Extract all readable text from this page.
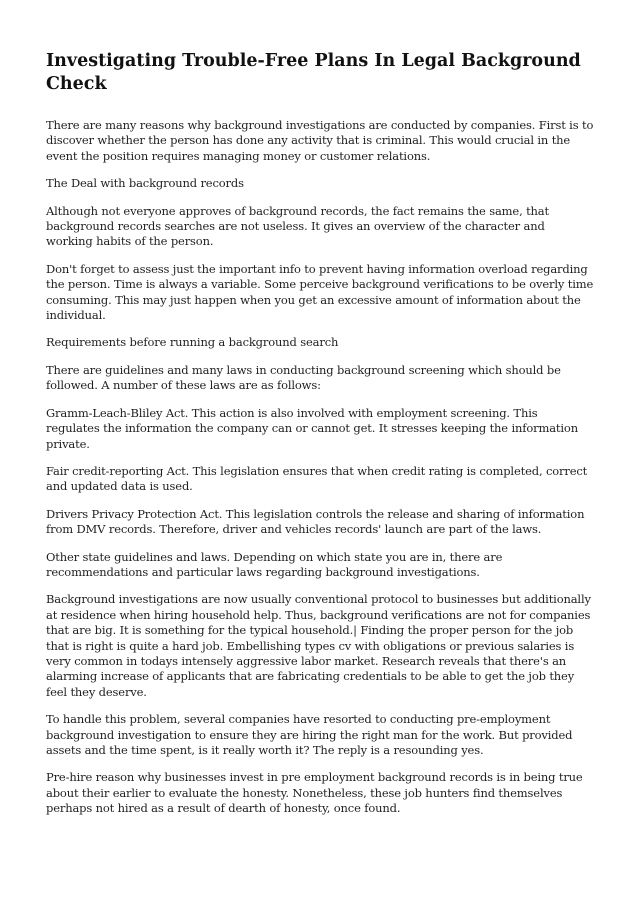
Investigating Trouble-Free Plans In Legal Background Check

There are many reasons why background investigations are conducted by companies. First is to discover whether the person has done any activity that is criminal. This would crucial in the event the position requires managing money or customer relations.

The Deal with background records

Although not everyone approves of background records, the fact remains the same, that background records searches are not useless. It gives an overview of the character and working habits of the person.

Don't forget to assess just the important info to prevent having information overload regarding the person. Time is always a variable. Some perceive background verifications to be overly time consuming. This may just happen when you get an excessive amount of information about the individual.

Requirements before running a background search

There are guidelines and many laws in conducting background screening which should be followed. A number of these laws are as follows:

Gramm-Leach-Bliley Act. This action is also involved with employment screening. This regulates the information the company can or cannot get. It stresses keeping the information private.

Fair credit-reporting Act. This legislation ensures that when credit rating is completed, correct and updated data is used.

Drivers Privacy Protection Act. This legislation controls the release and sharing of information from DMV records. Therefore, driver and vehicles records' launch are part of the laws.

Other state guidelines and laws. Depending on which state you are in, there are recommendations and particular laws regarding background investigations.

Background investigations are now usually conventional protocol to businesses but additionally at residence when hiring household help. Thus, background verifications are not for companies that are big. It is something for the typical household.| Finding the proper person for the job that is right is quite a hard job. Embellishing types cv with obligations or previous salaries is very common in todays intensely aggressive labor market. Research reveals that there's an alarming increase of applicants that are fabricating credentials to be able to get the job they feel they deserve.

To handle this problem, several companies have resorted to conducting pre-employment background investigation to ensure they are hiring the right man for the work. But provided assets and the time spent, is it really worth it? The reply is a resounding yes.

Pre-hire reason why businesses invest in pre employment background records is in being true about their earlier to evaluate the honesty. Nonetheless, these job hunters find themselves perhaps not hired as a result of dearth of honesty, once found.
